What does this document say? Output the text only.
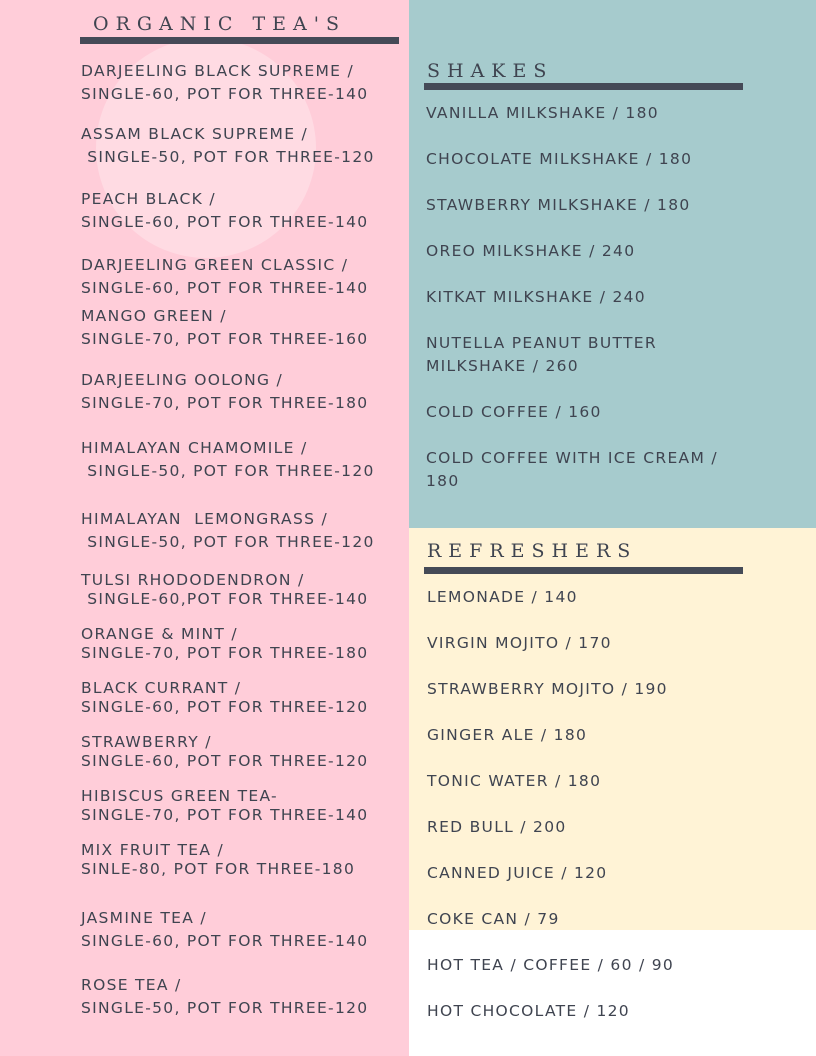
ORGANIC TEA'S
DARJEELING BLACK SUPREME /
SINGLE-60, POT FOR THREE-140
ASSAM BLACK SUPREME /
SINGLE-50, POT FOR THREE-120
PEACH BLACK /
SINGLE-60, POT FOR THREE-140
DARJEELING GREEN CLASSIC /
SINGLE-60, POT FOR THREE-140
MANGO GREEN /
SINGLE-70, POT FOR THREE-160
DARJEELING OOLONG /
SINGLE-70, POT FOR THREE-180
HIMALAYAN CHAMOMILE /
SINGLE-50, POT FOR THREE-120
HIMALAYAN  LEMONGRASS /
SINGLE-50, POT FOR THREE-120
TULSI RHODODENDRON /
SINGLE-60,POT FOR THREE-140
ORANGE & MINT /
SINGLE-70, POT FOR THREE-180
BLACK CURRANT /
SINGLE-60, POT FOR THREE-120
STRAWBERRY /
SINGLE-60, POT FOR THREE-120
HIBISCUS GREEN TEA-
SINGLE-70, POT FOR THREE-140
MIX FRUIT TEA /
SINLE-80, POT FOR THREE-180
JASMINE TEA /
SINGLE-60, POT FOR THREE-140
ROSE TEA /
SINGLE-50, POT FOR THREE-120
SHAKES
VANILLA MILKSHAKE / 180
CHOCOLATE MILKSHAKE / 180
STAWBERRY MILKSHAKE / 180
OREO MILKSHAKE / 240
KITKAT MILKSHAKE / 240
NUTELLA PEANUT BUTTER
MILKSHAKE / 260
COLD COFFEE / 160
COLD COFFEE WITH ICE CREAM /
180
REFRESHERS
LEMONADE / 140
VIRGIN MOJITO / 170
STRAWBERRY MOJITO / 190
GINGER ALE / 180
TONIC WATER / 180
RED BULL / 200
CANNED JUICE / 120
COKE CAN / 79
HOT TEA / COFFEE / 60 / 90
HOT CHOCOLATE / 120
